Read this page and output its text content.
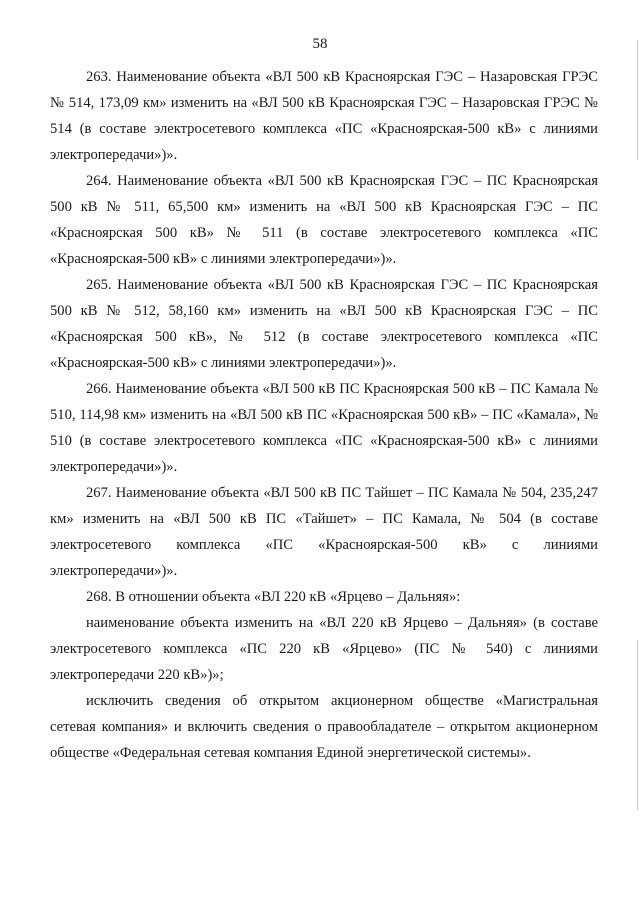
58

263. Наименование объекта «ВЛ 500 кВ Красноярская ГЭС – Назаровская ГРЭС № 514, 173,09 км» изменить на «ВЛ 500 кВ Красноярская ГЭС – Назаровская ГРЭС № 514 (в составе электросетевого комплекса «ПС «Красноярская-500 кВ» с линиями электропередачи»)».

264. Наименование объекта «ВЛ 500 кВ Красноярская ГЭС – ПС Красноярская 500 кВ № 511, 65,500 км» изменить на «ВЛ 500 кВ Красноярская ГЭС – ПС «Красноярская 500 кВ» № 511 (в составе электросетевого комплекса «ПС «Красноярская-500 кВ» с линиями электропередачи»)».

265. Наименование объекта «ВЛ 500 кВ Красноярская ГЭС – ПС Красноярская 500 кВ № 512, 58,160 км» изменить на «ВЛ 500 кВ Красноярская ГЭС – ПС «Красноярская 500 кВ», № 512 (в составе электросетевого комплекса «ПС «Красноярская-500 кВ» с линиями электропередачи»)».

266. Наименование объекта «ВЛ 500 кВ ПС Красноярская 500 кВ – ПС Камала № 510, 114,98 км» изменить на «ВЛ 500 кВ ПС «Красноярская 500 кВ» – ПС «Камала», № 510 (в составе электросетевого комплекса «ПС «Красноярская-500 кВ» с линиями электропередачи»)».

267. Наименование объекта «ВЛ 500 кВ ПС Тайшет – ПС Камала № 504, 235,247 км» изменить на «ВЛ 500 кВ ПС «Тайшет» – ПС Камала, № 504 (в составе электросетевого комплекса «ПС «Красноярская-500 кВ» с линиями электропередачи»)».

268. В отношении объекта «ВЛ 220 кВ «Ярцево – Дальняя»:

наименование объекта изменить на «ВЛ 220 кВ Ярцево – Дальняя» (в составе электросетевого комплекса «ПС 220 кВ «Ярцево» (ПС № 540) с линиями электропередачи 220 кВ»)»;

исключить сведения об открытом акционерном обществе «Магистральная сетевая компания» и включить сведения о правообладателе – открытом акционерном обществе «Федеральная сетевая компания Единой энергетической системы».
